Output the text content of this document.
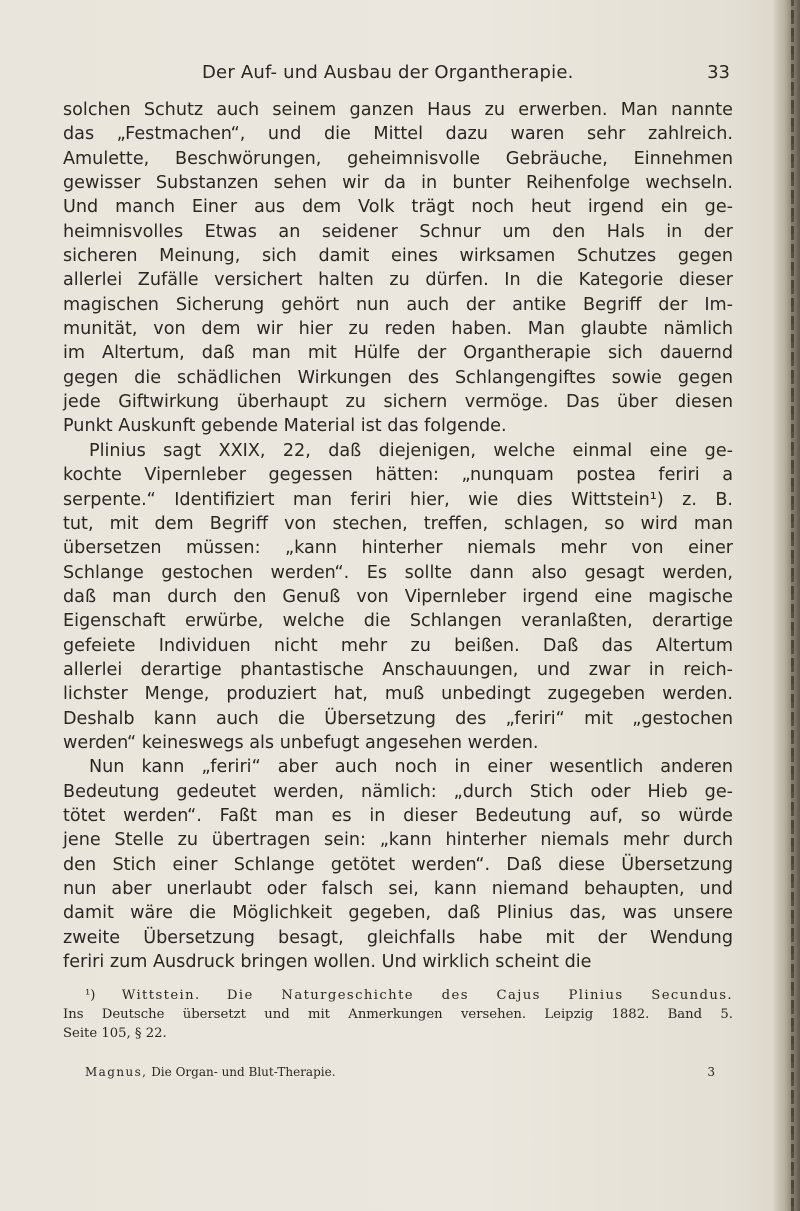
Der Auf- und Ausbau der Organtherapie.	33
solchen Schutz auch seinem ganzen Haus zu erwerben. Man nannte
das „Festmachen“, und die Mittel dazu waren sehr zahlreich.
Amulette, Beschwörungen, geheimnisvolle Gebräuche, Einnehmen
gewisser Substanzen sehen wir da in bunter Reihenfolge wechseln.
Und manch Einer aus dem Volk trägt noch heut irgend ein ge-
heimnisvolles Etwas an seidener Schnur um den Hals in der
sicheren Meinung, sich damit eines wirksamen Schutzes gegen
allerlei Zufälle versichert halten zu dürfen. In die Kategorie dieser
magischen Sicherung gehört nun auch der antike Begriff der Im-
munität, von dem wir hier zu reden haben. Man glaubte nämlich
im Altertum, daß man mit Hülfe der Organtherapie sich dauernd
gegen die schädlichen Wirkungen des Schlangengiftes sowie gegen
jede Giftwirkung überhaupt zu sichern vermöge. Das über diesen
Punkt Auskunft gebende Material ist das folgende.
Plinius sagt XXIX, 22, daß diejenigen, welche einmal eine ge-
kochte Vipernleber gegessen hätten: „nunquam postea feriri a
serpente.“ Identifiziert man feriri hier, wie dies Wittstein¹) z. B.
tut, mit dem Begriff von stechen, treffen, schlagen, so wird man
übersetzen müssen: „kann hinterher niemals mehr von einer
Schlange gestochen werden“. Es sollte dann also gesagt werden,
daß man durch den Genuß von Vipernleber irgend eine magische
Eigenschaft erwürbe, welche die Schlangen veranlaßten, derartige
gefeiete Individuen nicht mehr zu beißen. Daß das Altertum
allerlei derartige phantastische Anschauungen, und zwar in reich-
lichster Menge, produziert hat, muß unbedingt zugegeben werden.
Deshalb kann auch die Übersetzung des „feriri“ mit „gestochen
werden“ keineswegs als unbefugt angesehen werden.
Nun kann „feriri“ aber auch noch in einer wesentlich anderen
Bedeutung gedeutet werden, nämlich: „durch Stich oder Hieb ge-
tötet werden“. Faßt man es in dieser Bedeutung auf, so würde
jene Stelle zu übertragen sein: „kann hinterher niemals mehr durch
den Stich einer Schlange getötet werden“. Daß diese Übersetzung
nun aber unerlaubt oder falsch sei, kann niemand behaupten, und
damit wäre die Möglichkeit gegeben, daß Plinius das, was unsere
zweite Übersetzung besagt, gleichfalls habe mit der Wendung
feriri zum Ausdruck bringen wollen. Und wirklich scheint die
¹) Wittstein. Die Naturgeschichte des Cajus Plinius Secundus.
Ins Deutsche übersetzt und mit Anmerkungen versehen. Leipzig 1882. Band 5.
Seite 105, § 22.
Magnus, Die Organ- und Blut-Therapie.	3
